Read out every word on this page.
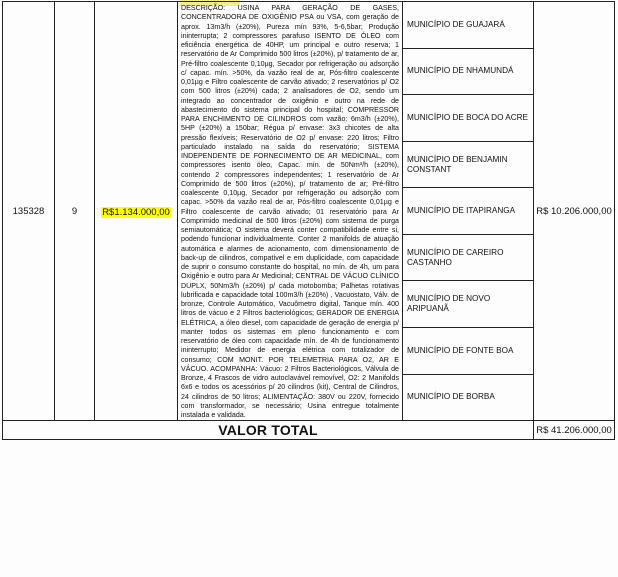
135328	9	R$1.134.000,00	DESCRIÇÃO: USINA PARA GERAÇÃO DE GASES, CONCENTRADORA DE OXIGÊNIO PSA ou VSA, com geração de aprox. 13m3/h (±20%), Pureza mín 93%, 5-6,5bar; Produção ininterrupta; 2 compressores parafuso ISENTO DE ÓLEO com eficiência energética de 40HP, um principal e outro reserva; 1 reservatório de Ar Comprimido 500 litros (±20%), p/ tratamento de ar, Pré-filtro coalescente 0,10µg, Secador por refrigeração ou adsorção c/ capac. mín. >50%, da vazão real de ar, Pós-filtro coalescente 0,01µg e Filtro coalescente de carvão ativado; 2 reservatórios p/ O2 com 500 litros (±20%) cada; 2 analisadores de O2, sendo um integrado ao concentrador de oxigênio e outro na rede de abastecimento do sistema principal do hospital; COMPRESSOR PARA ENCHIMENTO DE CILINDROS com vazão: 6m3/h (±20%), 5HP (±20%) a 150bar; Régua p/ envase: 3x3 chicotes de alta pressão flexíveis; Reservatório de O2 p/ envase: 220 litros; Filtro particulado instalado na saída do reservatório; SISTEMA INDEPENDENTE DE FORNECIMENTO DE AR MEDICINAL, com compressores isento óleo, Capac. mín. de 50Nm³/h (±20%), contendo 2 compressores independentes; 1 reservatório de Ar Comprimido de 500 litros (±20%), p/ tratamento de ar; Pré-filtro coalescente 0,10µg, Secador por refrigeração ou adsorção com capac. >50% da vazão real de ar, Pós-filtro coalescente 0,01µg e Filtro coalescente de carvão ativado; 01 reservatório para Ar Comprimido medicinal de 500 litros (±20%) com sistema de purga semiautomática; O sistema deverá conter compatibilidade entre si, podendo funcionar individualmente. Conter 2 manifolds de atuação automática e alarmes de acionamento, com dimensionamento de back-up de cilindros, compatível e em duplicidade, com capacidade de suprir o consumo constante do hospital, no mín. de 4h, um para Oxigênio e outro para Ar Medicinal; CENTRAL DE VÁCUO CLÍNICO DUPLX, 50Nm3/h (±20%) p/ cada motobomba; Palhetas rotativas lubrificada e capacidade total 100m3/h (±20%) , Vacuostato, Válv. de bronze, Controle Automático, Vacuômetro digital, Tanque mín. 400 litros de vácuo e 2 Filtros bacteriológicos; GERADOR DE ENERGIA ELÉTRICA, a óleo diesel, com capacidade de geração de energia p/ manter todos os sistemas em pleno funcionamento e com reservatório de óleo com capacidade mín. de 4h de funcionamento ininterrupto; Medidor de energia elétrica com totalizador de consumo; COM MONIT. POR TELEMETRIA PARA O2, AR E VÁCUO. ACOMPANHA: Vácuo: 2 Filtros Bacteriológicos, Válvula de Bronze, 4 Frascos de vidro autoclavável removível, O2: 2 Manifolds 6x6 e todos os acessórios p/ 20 cilindros (kit), Central de Cilindros, 24 cilindros de 50 litros; ALIMENTAÇÃO: 380V ou 220V, fornecido com transformador, se necessário; Usina entregue totalmente instalada e validada.	MUNICÍPIO DE GUAJARÁ	R$ 10.206.000,00
				MUNICÍPIO DE NHAMUNDÁ	
				MUNICÍPIO DE BOCA DO ACRE	
				MUNICÍPIO DE BENJAMIN CONSTANT	
				MUNICÍPIO DE ITAPIRANGA	
				MUNICÍPIO DE CAREIRO CASTANHO	
				MUNICÍPIO DE NOVO ARIPUANÃ	
				MUNICÍPIO DE FONTE BOA	
				MUNICÍPIO DE BORBA	
VALOR TOTAL					R$ 41.206.000,00
